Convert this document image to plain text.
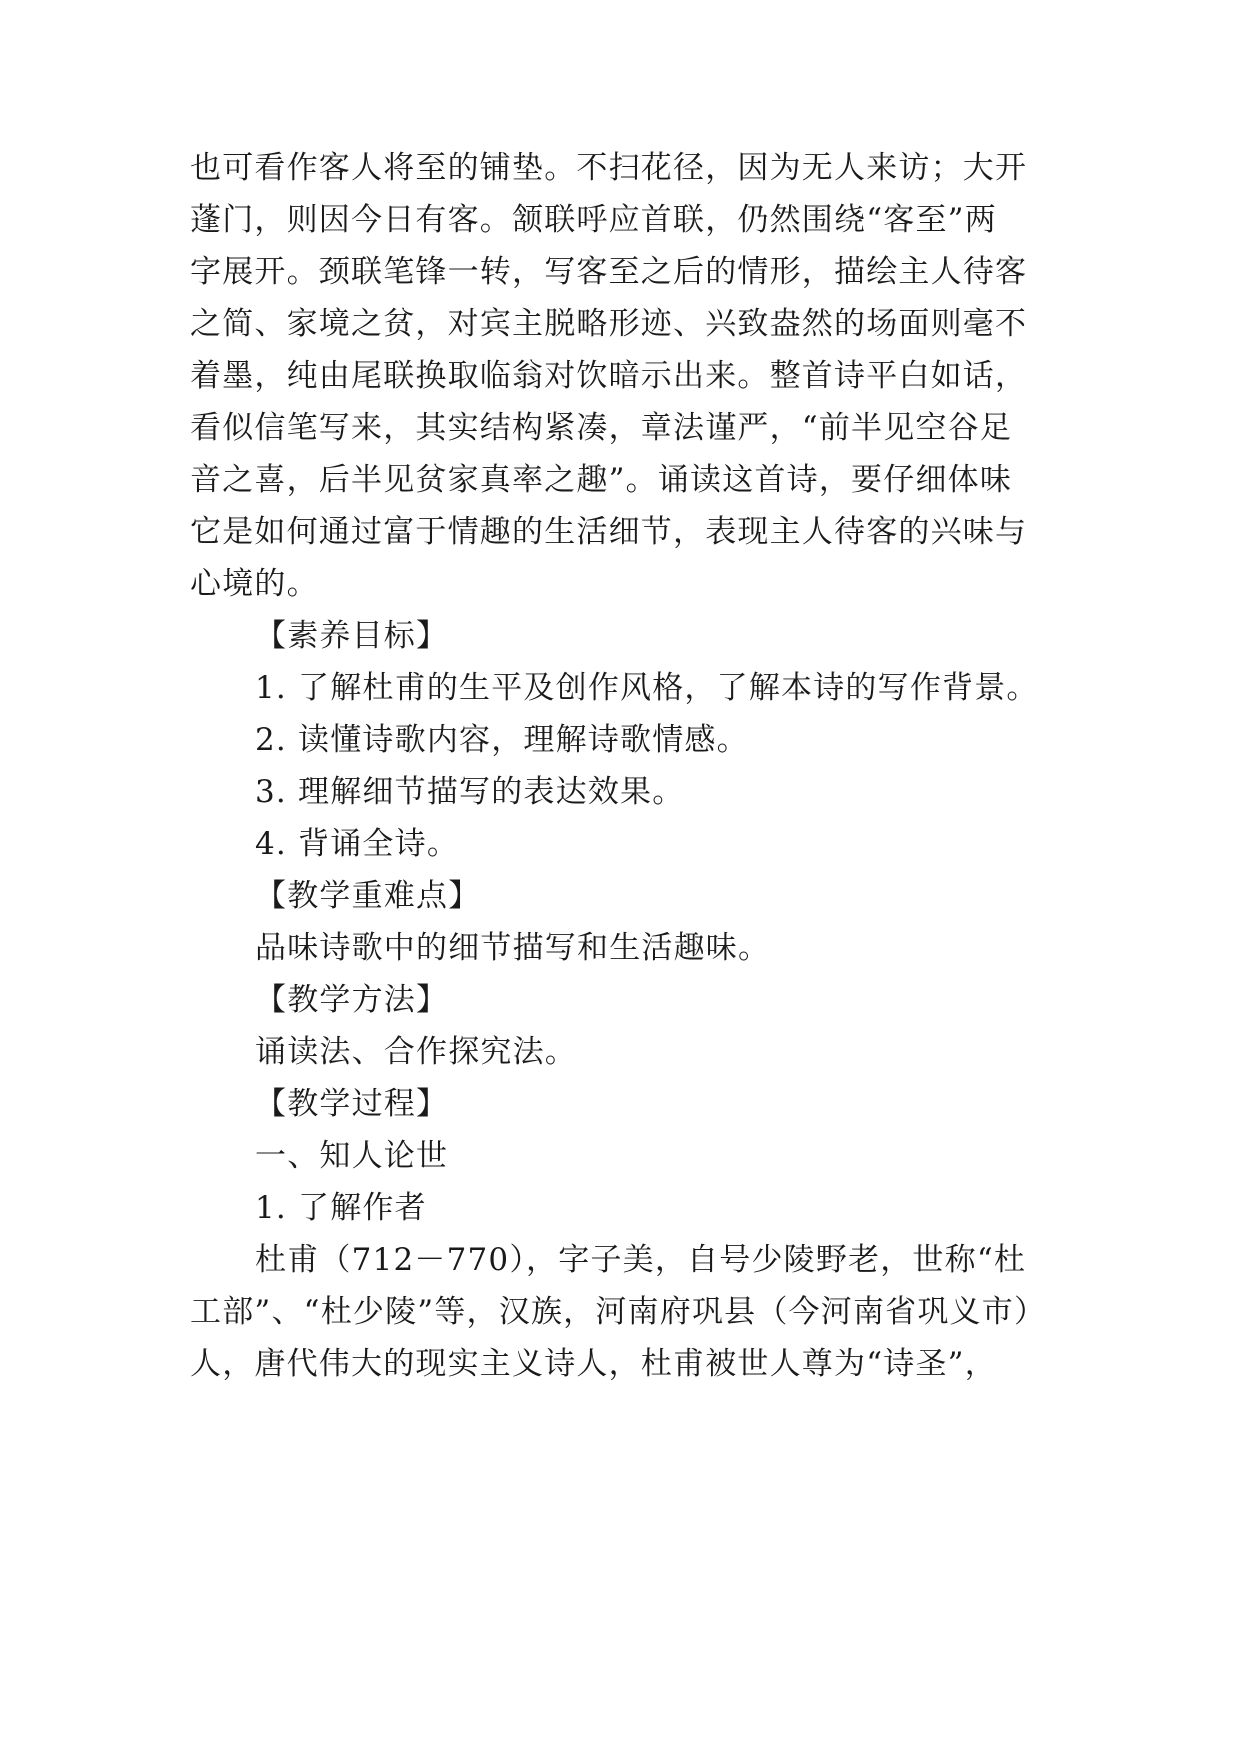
也可看作客人将至的铺垫。不扫花径，因为无人来访；大开
蓬门，则因今日有客。颔联呼应首联，仍然围绕“客至”两
字展开。颈联笔锋一转，写客至之后的情形，描绘主人待客
之简、家境之贫，对宾主脱略形迹、兴致盎然的场面则毫不
着墨，纯由尾联换取临翁对饮暗示出来。整首诗平白如话，
看似信笔写来，其实结构紧凑，章法谨严，“前半见空谷足
音之喜，后半见贫家真率之趣”。诵读这首诗，要仔细体味
它是如何通过富于情趣的生活细节，表现主人待客的兴味与
心境的。
【素养目标】
1. 了解杜甫的生平及创作风格，了解本诗的写作背景。
2. 读懂诗歌内容，理解诗歌情感。
3. 理解细节描写的表达效果。
4. 背诵全诗。
【教学重难点】
品味诗歌中的细节描写和生活趣味。
【教学方法】
诵读法、合作探究法。
【教学过程】
一、知人论世
1. 了解作者
杜甫（712－770），字子美，自号少陵野老，世称“杜
工部”、“杜少陵”等，汉族，河南府巩县（今河南省巩义市）
人，唐代伟大的现实主义诗人，杜甫被世人尊为“诗圣”，
